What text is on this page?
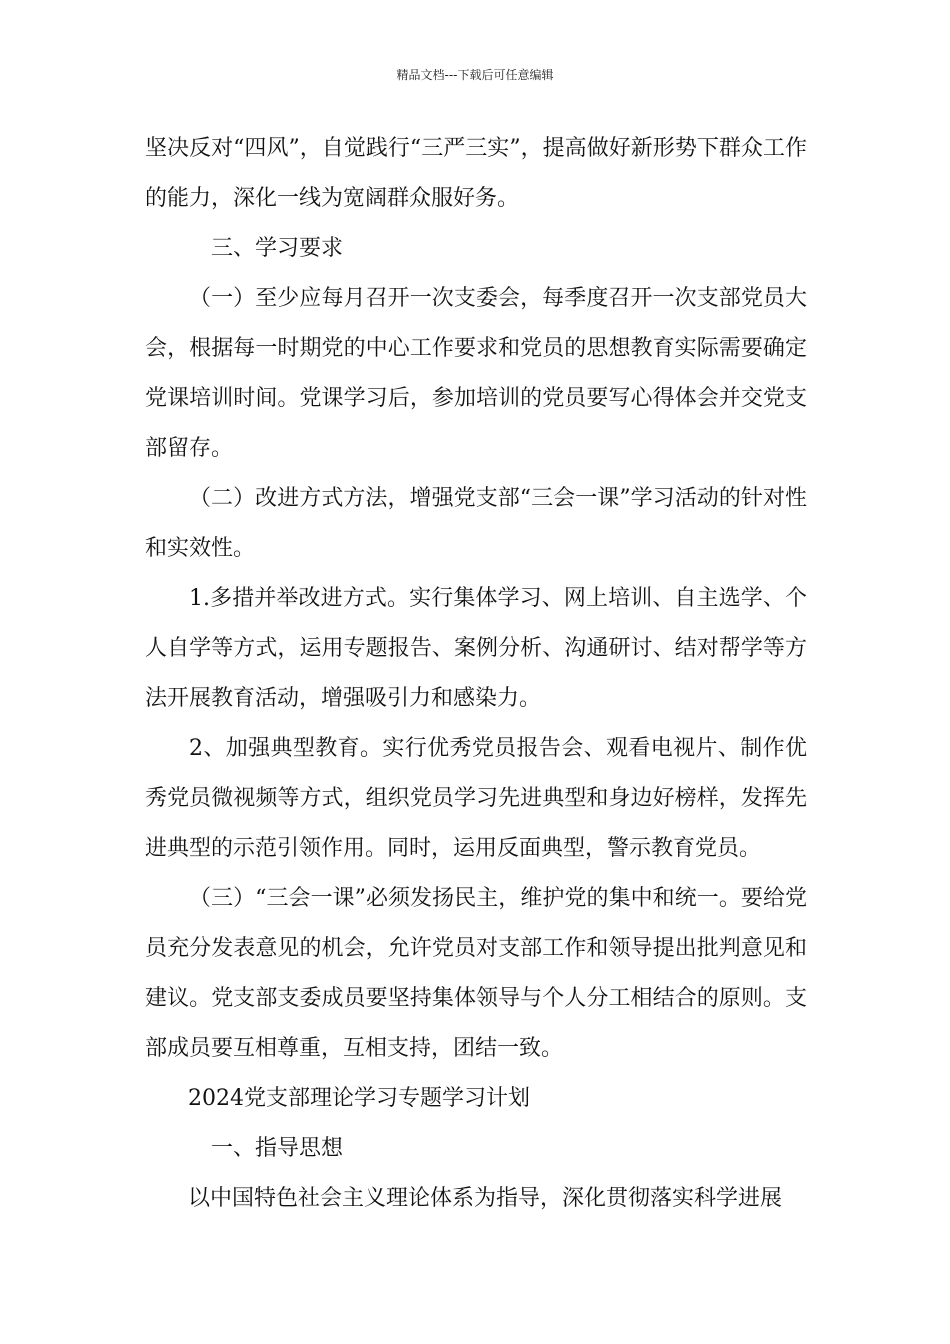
精品文档---下载后可任意编辑

坚决反对“四风”，自觉践行“三严三实”，提高做好新形势下群众工作的能力，深化一线为宽阔群众服好务。

三、学习要求

（一）至少应每月召开一次支委会，每季度召开一次支部党员大会，根据每一时期党的中心工作要求和党员的思想教育实际需要确定党课培训时间。党课学习后，参加培训的党员要写心得体会并交党支部留存。

（二）改进方式方法，增强党支部“三会一课”学习活动的针对性和实效性。

1.多措并举改进方式。实行集体学习、网上培训、自主选学、个人自学等方式，运用专题报告、案例分析、沟通研讨、结对帮学等方法开展教育活动，增强吸引力和感染力。

2、加强典型教育。实行优秀党员报告会、观看电视片、制作优秀党员微视频等方式，组织党员学习先进典型和身边好榜样，发挥先进典型的示范引领作用。同时，运用反面典型，警示教育党员。

（三）“三会一课”必须发扬民主，维护党的集中和统一。要给党员充分发表意见的机会，允许党员对支部工作和领导提出批判意见和建议。党支部支委成员要坚持集体领导与个人分工相结合的原则。支部成员要互相尊重，互相支持，团结一致。

2024党支部理论学习专题学习计划

一、指导思想

以中国特色社会主义理论体系为指导，深化贯彻落实科学进展
